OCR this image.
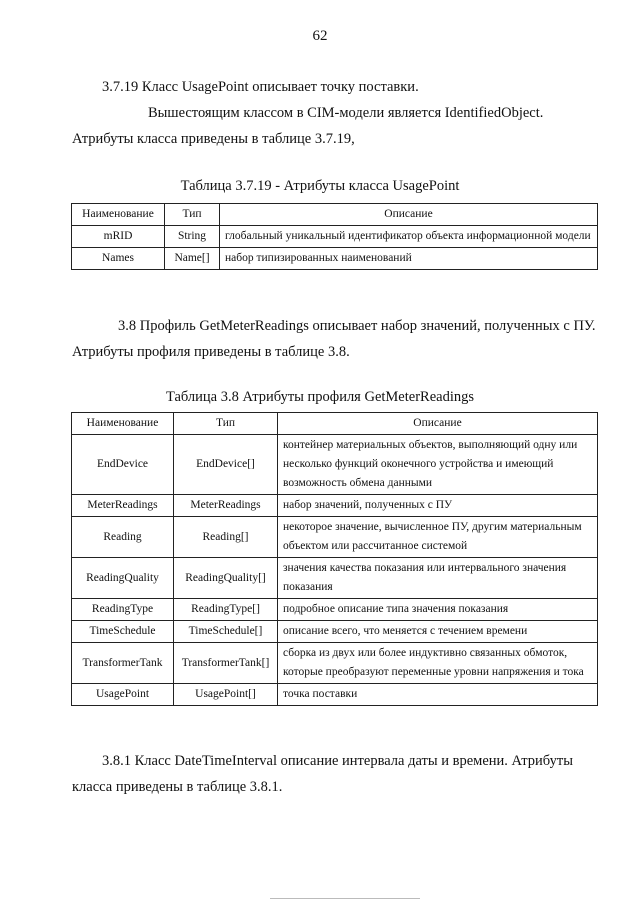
62
3.7.19 Класс UsagePoint описывает точку поставки.
Вышестоящим классом в CIM-модели является IdentifiedObject.
Атрибуты класса приведены в таблице 3.7.19,
Таблица 3.7.19 - Атрибуты класса UsagePoint
Наименование	Тип	Описание
mRID	String	глобальный уникальный идентификатор объекта информационной модели
Names	Name[]	набор типизированных наименований
3.8 Профиль GetMeterReadings описывает набор значений, полученных с ПУ.
Атрибуты профиля приведены в таблице 3.8.
Таблица 3.8 Атрибуты профиля GetMeterReadings
Наименование	Тип	Описание
EndDevice	EndDevice[]	контейнер материальных объектов, выполняющий одну или несколько функций оконечного устройства и имеющий возможность обмена данными
MeterReadings	MeterReadings	набор значений, полученных с ПУ
Reading	Reading[]	некоторое значение, вычисленное ПУ, другим материальным объектом или рассчитанное системой
ReadingQuality	ReadingQuality[]	значения качества показания или интервального значения показания
ReadingType	ReadingType[]	подробное описание типа значения показания
TimeSchedule	TimeSchedule[]	описание всего, что меняется с течением времени
TransformerTank	TransformerTank[]	сборка из двух или более индуктивно связанных обмоток, которые преобразуют переменные уровни напряжения и тока
UsagePoint	UsagePoint[]	точка поставки
3.8.1 Класс DateTimeInterval описание интервала даты и времени. Атрибуты
класса приведены в таблице 3.8.1.
